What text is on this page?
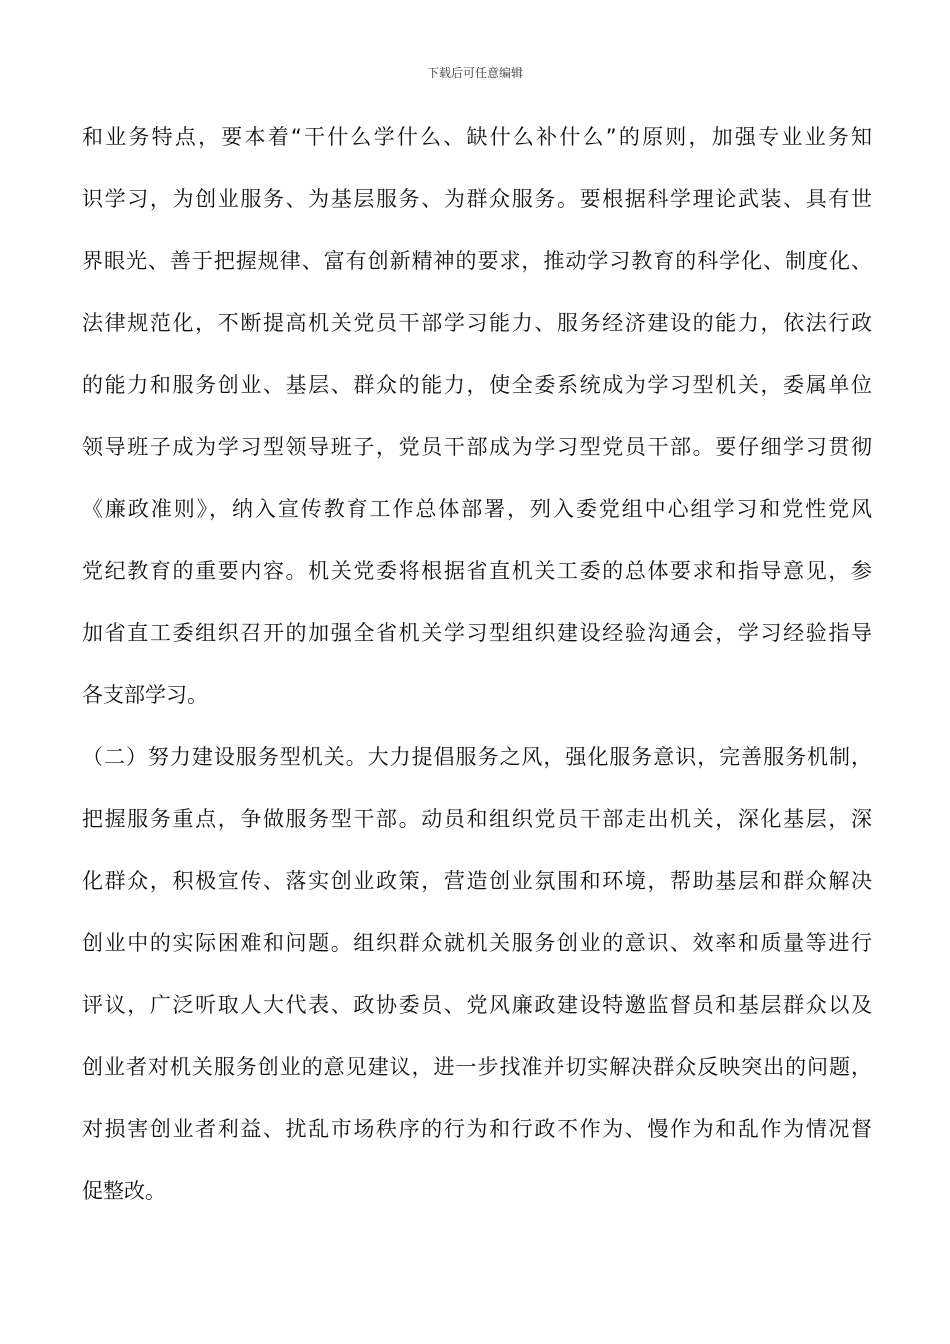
下载后可任意编辑
和业务特点，要本着“干什么学什么、缺什么补什么”的原则，加强专业业务知
识学习，为创业服务、为基层服务、为群众服务。要根据科学理论武装、具有世
界眼光、善于把握规律、富有创新精神的要求，推动学习教育的科学化、制度化、
法律规范化，不断提高机关党员干部学习能力、服务经济建设的能力，依法行政
的能力和服务创业、基层、群众的能力，使全委系统成为学习型机关，委属单位
领导班子成为学习型领导班子，党员干部成为学习型党员干部。要仔细学习贯彻
《廉政准则》，纳入宣传教育工作总体部署，列入委党组中心组学习和党性党风
党纪教育的重要内容。机关党委将根据省直机关工委的总体要求和指导意见，参
加省直工委组织召开的加强全省机关学习型组织建设经验沟通会，学习经验指导
各支部学习。
（二）努力建设服务型机关。大力提倡服务之风，强化服务意识，完善服务机制，
把握服务重点，争做服务型干部。动员和组织党员干部走出机关，深化基层，深
化群众，积极宣传、落实创业政策，营造创业氛围和环境，帮助基层和群众解决
创业中的实际困难和问题。组织群众就机关服务创业的意识、效率和质量等进行
评议，广泛听取人大代表、政协委员、党风廉政建设特邀监督员和基层群众以及
创业者对机关服务创业的意见建议，进一步找准并切实解决群众反映突出的问题，
对损害创业者利益、扰乱市场秩序的行为和行政不作为、慢作为和乱作为情况督
促整改。
